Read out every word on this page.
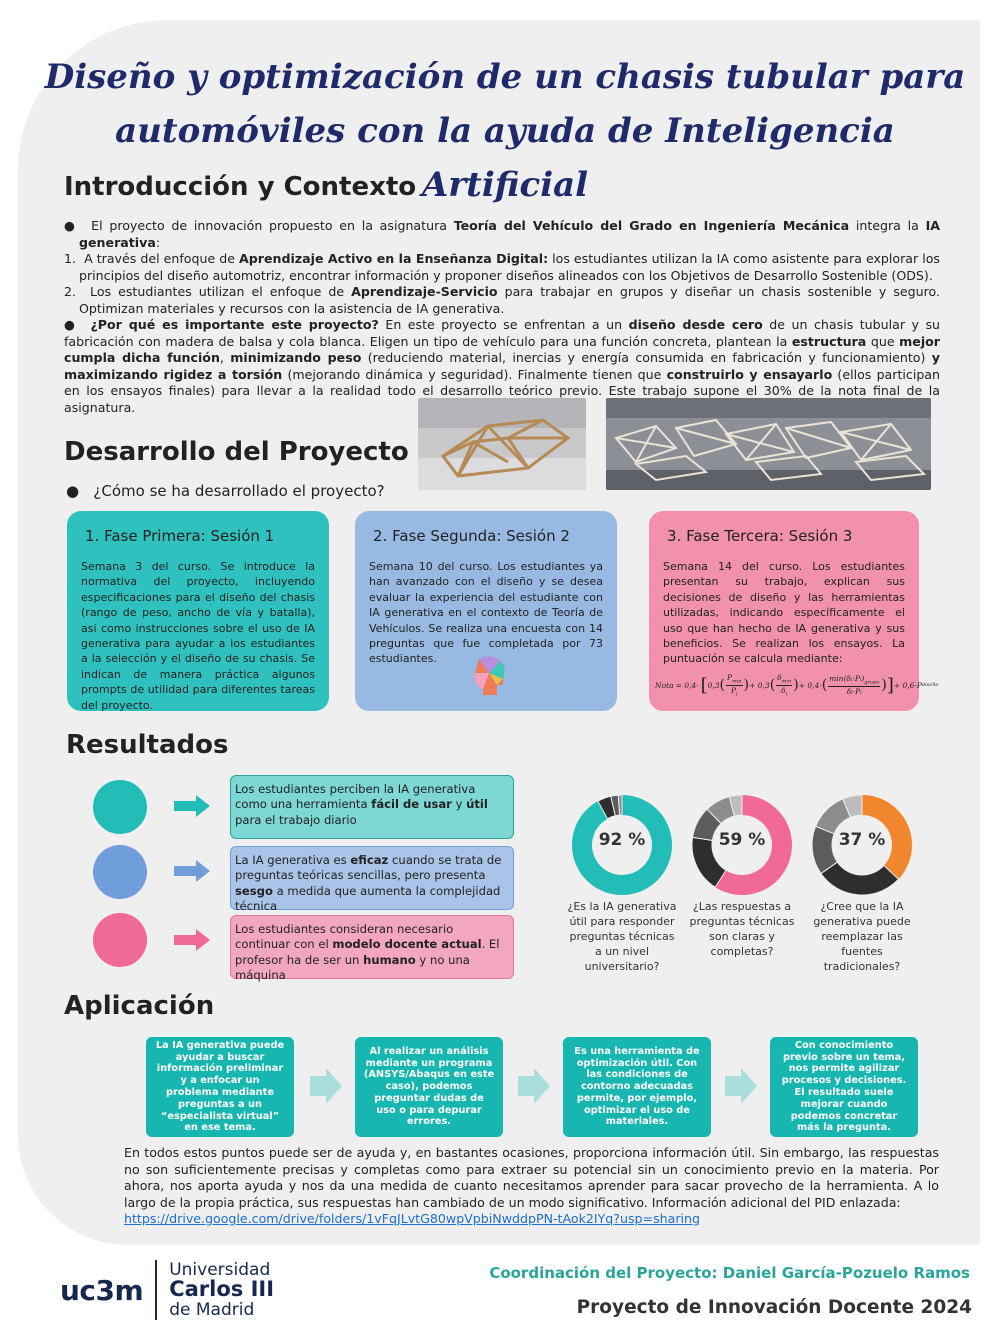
Diseño y optimización de un chasis tubular para automóviles con la ayuda de Inteligencia Artificial
Introducción y Contexto

●  El proyecto de innovación propuesto en la asignatura Teoría del Vehículo del Grado en Ingeniería Mecánica integra la IA generativa:

1.  A través del enfoque de Aprendizaje Activo en la Enseñanza Digital: los estudiantes utilizan la IA como asistente para explorar los principios del diseño automotriz, encontrar información y proponer diseños alineados con los Objetivos de Desarrollo Sostenible (ODS).

2.  Los estudiantes utilizan el enfoque de Aprendizaje-Servicio para trabajar en grupos y diseñar un chasis sostenible y seguro. Optimizan materiales y recursos con la asistencia de IA generativa.

●  ¿Por qué es importante este proyecto? En este proyecto se enfrentan a un diseño desde cero de un chasis tubular y su fabricación con madera de balsa y cola blanca. Eligen un tipo de vehículo para una función concreta, plantean la estructura que mejor cumpla dicha función, minimizando peso (reduciendo material, inercias y energía consumida en fabricación y funcionamiento) y maximizando rigidez a torsión (mejorando dinámica y seguridad). Finalmente tienen que construirlo y ensayarlo (ellos participan en los ensayos finales) para llevar a la realidad todo el desarrollo teórico previo. Este trabajo supone el 30% de la nota final de la asignatura.

Desarrollo del Proyecto
●   ¿Cómo se ha desarrollado el proyecto?
1. Fase Primera: Sesión 1
Semana 3 del curso. Se introduce la normativa del proyecto, incluyendo especificaciones para el diseño del chasis (rango de peso, ancho de vía y batalla), así como instrucciones sobre el uso de IA generativa para ayudar a los estudiantes a la selección y el diseño de su chasis. Se indican de manera práctica algunos prompts de utilidad para diferentes tareas del proyecto.
2. Fase Segunda: Sesión 2
Semana 10 del curso. Los estudiantes ya han avanzado con el diseño y se desea evaluar la experiencia del estudiante con IA generativa en el contexto de Teoría de Vehículos. Se realiza una encuesta con 14 preguntas que fue completada por 73 estudiantes.
3. Fase Tercera: Sesión 3
Semana 14 del curso. Los estudiantes presentan su trabajo, explican sus decisiones de diseño y las herramientas utilizadas, indicando específicamente el uso que han hecho de IA generativa y sus beneficios. Se realizan los ensayos. La puntuación se calcula mediante:
Nota = 0,4· [ 0,3 ( $P_{min}$
$P_i$
) + 0,3 ( $\delta_{min}$
$\delta_i$
) + 0,4· ( $\min(\delta ᵢ\cdot Pᵢ)_{grupo}$
δᵢ·Pᵢ ) ] + 0,6·P diseño
Resultados
Los estudiantes perciben la IA generativa como una herramienta fácil de usar y útil para el trabajo diario
La IA generativa es eficaz cuando se trata de preguntas teóricas sencillas, pero presenta sesgo a medida que aumenta la complejidad técnica
Los estudiantes consideran necesario continuar con el modelo docente actual. El profesor ha de ser un humano y no una máquina
92 %
¿Es la IA generativa útil para responder preguntas técnicas a un nivel universitario?
59 %
¿Las respuestas a preguntas técnicas son claras y completas?
37 %
¿Cree que la IA generativa puede reemplazar las fuentes tradicionales?
Aplicación
La IA generativa puede ayudar a buscar información preliminar y a enfocar un problema mediante preguntas a un “especialista virtual” en ese tema.
Al realizar un análisis mediante un programa (ANSYS/Abaqus en este caso), podemos preguntar dudas de uso o para depurar errores.
Es una herramienta de optimización útil. Con las condiciones de contorno adecuadas permite, por ejemplo, optimizar el uso de materiales.
Con conocimiento previo sobre un tema, nos permite agilizar procesos y decisiones. El resultado suele mejorar cuando podemos concretar más la pregunta.
En todos estos puntos puede ser de ayuda y, en bastantes ocasiones, proporciona información útil. Sin embargo, las respuestas no son suficientemente precisas y completas como para extraer su potencial sin un conocimiento previo en la materia. Por ahora, nos aporta ayuda y nos da una medida de cuanto necesitamos aprender para sacar provecho de la herramienta. A lo largo de la propia práctica, sus respuestas han cambiado de un modo significativo. Información adicional del PID enlazada:
https://drive.google.com/drive/folders/1vFqJLvtG80wpVpbiNwddpPN-tAok2IYq?usp=sharing
uc3m
Universidad
Carlos III
de Madrid
Coordinación del Proyecto: Daniel García-Pozuelo Ramos
Proyecto de Innovación Docente 2024
